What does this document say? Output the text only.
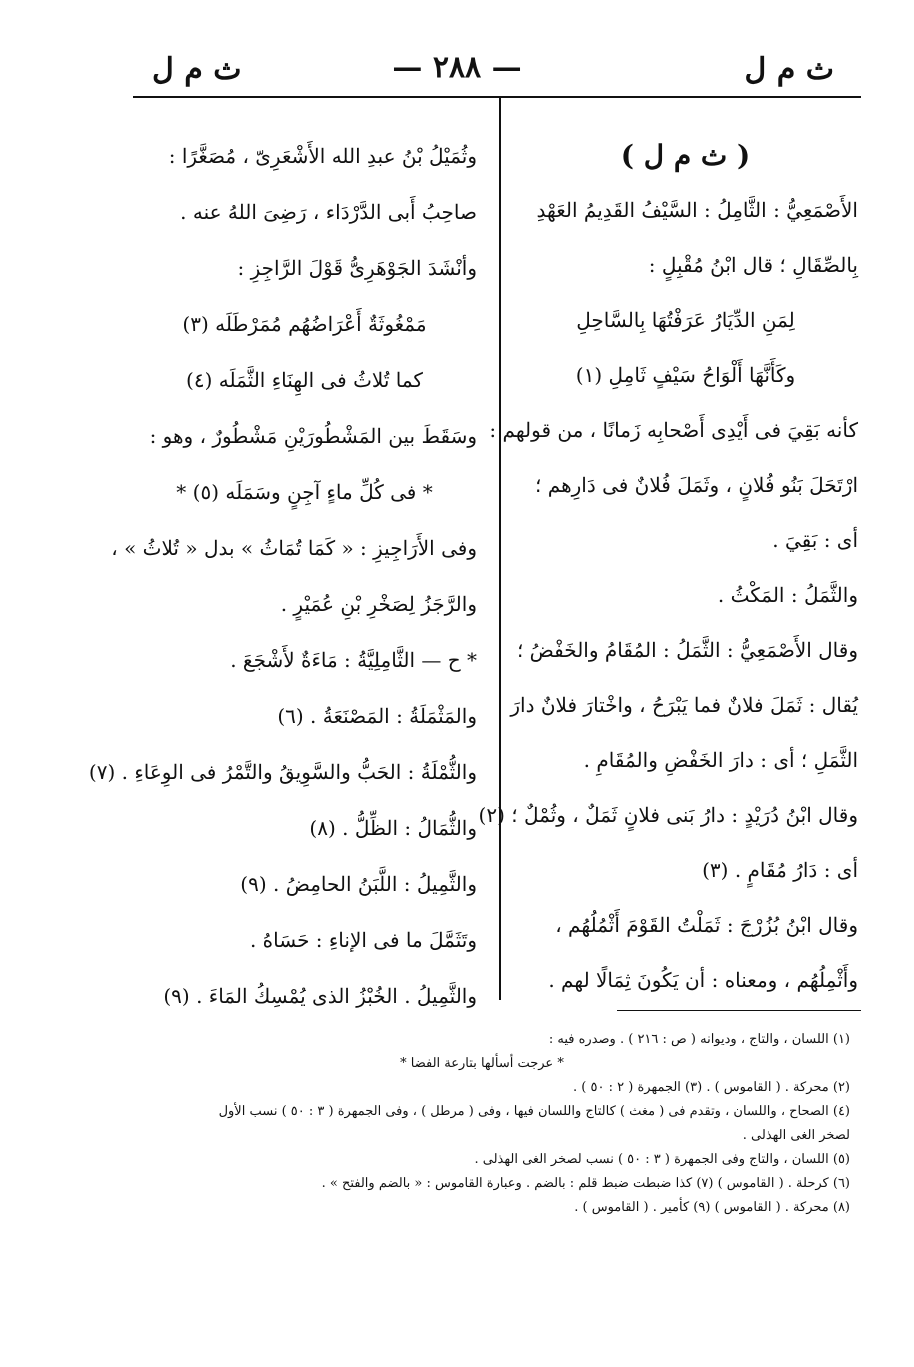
ث م ل
— ٢٨٨ —
ث م ل
( ث م ل )
الأَصْمَعِيُّ : الثَّامِلُ : السَّيْفُ القَدِيمُ العَهْدِ
بِالصِّقَالِ ؛ قال ابْنُ مُقْبِلٍ :
لِمَنِ الدِّيَارُ عَرَفْتُهَا بِالسَّاحِلِ
وكَأَنَّهَا أَلْوَاحُ سَيْفٍ ثَامِلِ (١)
كأنه بَقِيَ فى أَيْدِى أَصْحابِه زَمانًا ، من قولهم :
ارْتَحَلَ بَنُو فُلانٍ ، وثَمَلَ فُلانٌ فى دَارِهم ؛
أى : بَقِيَ .
والثَّمَلُ : المَكْثُ .
وقال الأَصْمَعِيُّ : الثَّمَلُ : المُقَامُ والخَفْضُ ؛
يُقال : ثَمَلَ فلانٌ فما يَبْرَحُ ، واخْتارَ فلانٌ دارَ
الثَّمَلِ ؛ أى : دارَ الخَفْضِ والمُقَامِ .
وقال ابْنُ دُرَيْدٍ : دارُ بَنى فلانٍ ثَمَلٌ ، وثُمْلٌ ؛ (٢)
أى : دَارُ مُقَامٍ . (٣)
وقال ابْنُ بُزُرْجَ : ثَمَلْتُ القَوْمَ أَثْمُلُهُم ،
وأَثْمِلُهُم ، ومعناه : أن يَكُونَ ثِمَالًا لهم .
وثُمَيْلُ بْنُ عبدِ الله الأَشْعَرِىّ ، مُصَغَّرًا :
صاحِبُ أَبى الدَّرْدَاء ، رَضِىَ اللهُ عنه .
وأنْشَدَ الجَوْهَرِىُّ قَوْلَ الرَّاجِزِ :
مَمْغُوثَةٌ أَعْرَاضُهُم مُمَرْطَلَه (٣)
كما تُلاثُ فى الهِنَاءِ الثَّمَلَه (٤)
وسَقَطَ بين المَشْطُورَيْنِ مَشْطُورٌ ، وهو :
* فى كُلِّ ماءٍ آجِنٍ وسَمَلَه (٥) *
وفى الأَرَاجِيزِ : « كَمَا تُمَاثُ » بدل « تُلاثُ » ،
والرَّجَزُ لِصَخْرِ بْنِ عُمَيْرٍ .
* ح — الثَّامِلِيَّةُ : مَاءَةٌ لأَشْجَعَ .
والمَثْمَلَةُ : المَصْنَعَةُ . (٦)
والثُّمْلَةُ : الحَبُّ والسَّوِيقُ والتَّمْرُ فى الوِعَاءِ . (٧)
والثُّمَالُ : الظِّلُّ . (٨)
والثَّمِيلُ : اللَّبَنُ الحامِضُ . (٩)
وتَثَمَّلَ ما فى الإناءِ : حَسَاهُ .
والثَّمِيلُ . الخُبْزُ الذى يُمْسِكُ المَاءَ . (٩)
(١) اللسان ، والتاج ، وديوانه ( ص : ٢١٦ ) . وصدره فيه :
* عرجت أسألها بتارعة الفضا *
(٢) محركة . ( القاموس ) . (٣) الجمهرة ( ٢ : ٥٠ ) .
(٤) الصحاح ، واللسان ، وتقدم فى ( مغث ) كالتاج واللسان فيها ، وفى ( مرطل ) ، وفى الجمهرة ( ٣ : ٥٠ ) نسب الأول
لصخر الغى الهذلى .
(٥) اللسان ، والتاج وفى الجمهرة ( ٣ : ٥٠ ) نسب لصخر الغى الهذلى .
(٦) كرحلة . ( القاموس ) (٧) كذا ضبطت ضبط قلم : بالضم . وعبارة القاموس : « بالضم والفتح » .
(٨) محركة . ( القاموس ) (٩) كأمير . ( القاموس ) .
